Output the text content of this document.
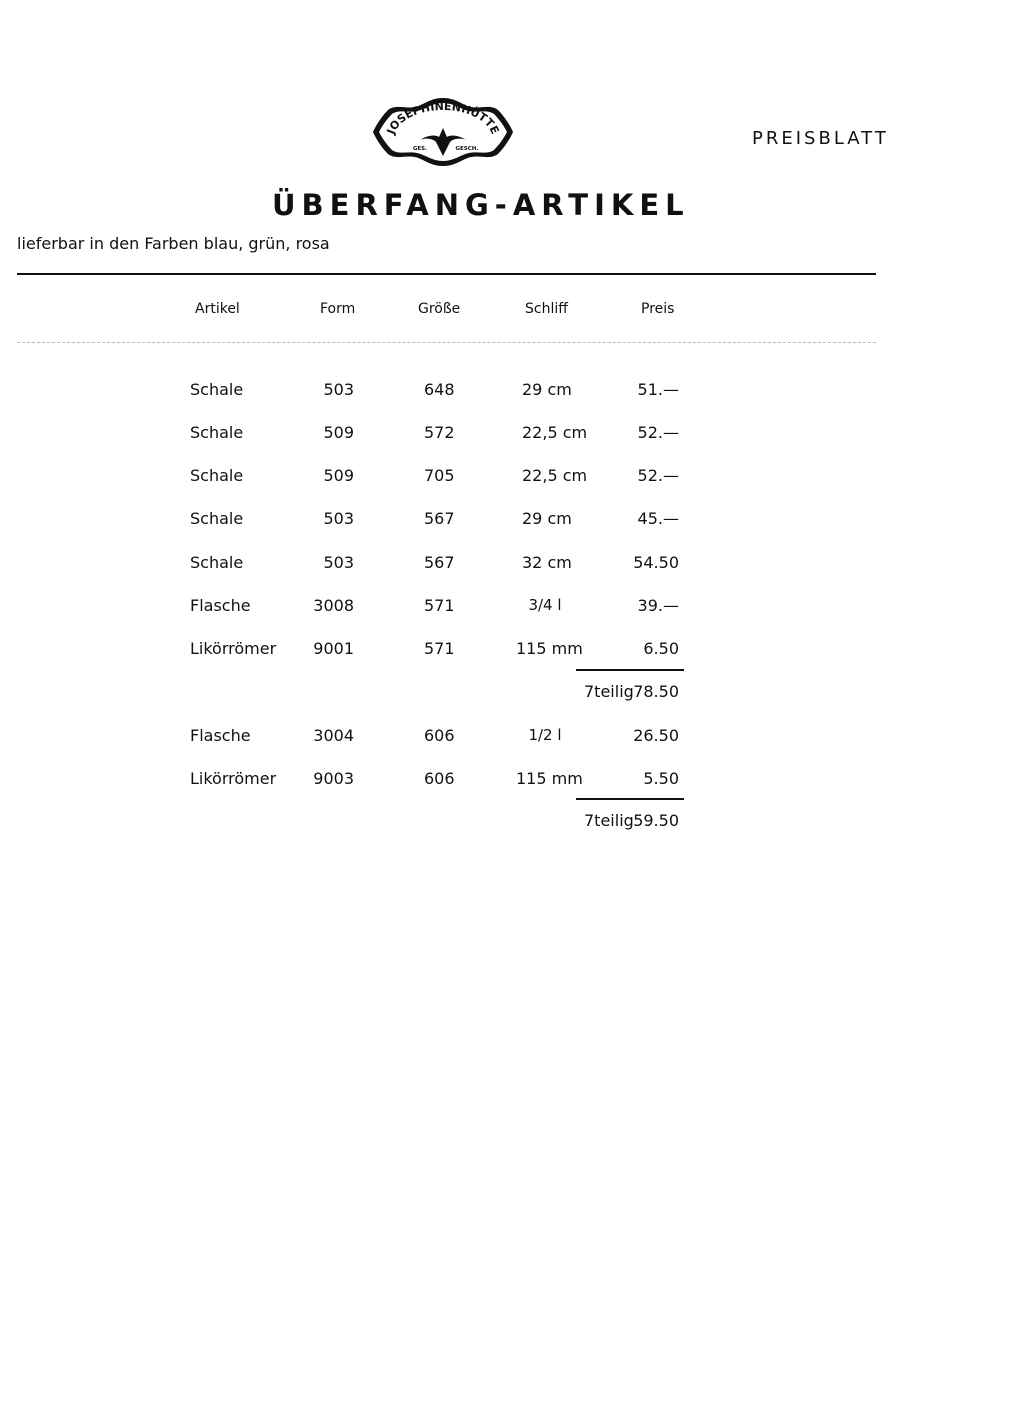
JOSEPHINENHÜTTE
GES.	GESCH.	PREISBLATT
ÜBERFANG-ARTIKEL
lieferbar in den Farben blau, grün, rosa
Artikel	Form	Größe	Schliff	Preis
Schale	503	648	29 cm	51.—
Schale	509	572	22,5 cm	52.—
Schale	509	705	22,5 cm	52.—
Schale	503	567	29 cm	45.—
Schale	503	567	32 cm	54.50
Flasche	3008	571	3/4 l	39.—
Likörrömer	9001	571	115 mm	6.50
7teilig 78.50
Flasche	3004	606	1/2 l	26.50
Likörrömer	9003	606	115 mm	5.50
7teilig 59.50
